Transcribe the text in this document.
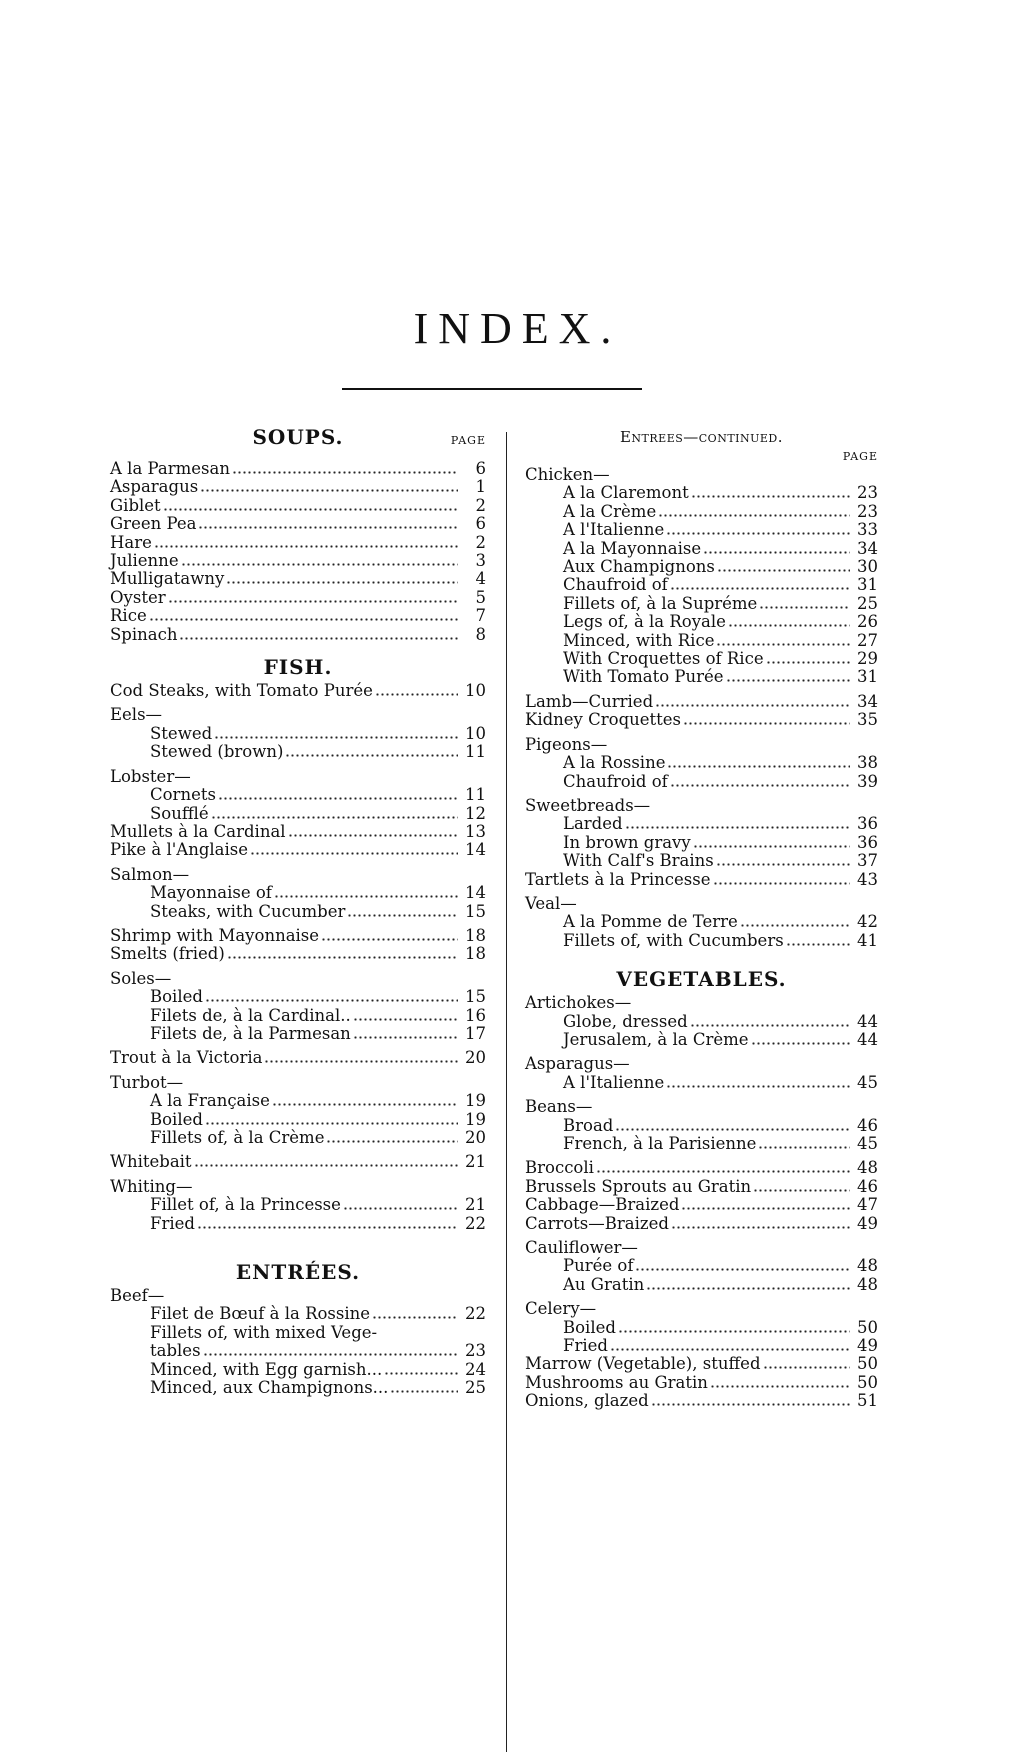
INDEX.
SOUPS.	PAGE
A la Parmesan	6
Asparagus	1
Giblet	2
Green Pea	6
Hare	2
Julienne	3
Mulligatawny	4
Oyster	5
Rice	7
Spinach	8
FISH.
Cod Steaks, with Tomato Purée	10
Eels—
Stewed	10
Stewed (brown)	11
Lobster—
Cornets	11
Soufflé	12
Mullets à la Cardinal	13
Pike à l'Anglaise	14
Salmon—
Mayonnaise of	14
Steaks, with Cucumber	15
Shrimp with Mayonnaise	18
Smelts (fried)	18
Soles—
Boiled	15
Filets de, à la Cardinal..	16
Filets de, à la Parmesan	17
Trout à la Victoria	20
Turbot—
A la Française	19
Boiled	19
Fillets of, à la Crème	20
Whitebait	21
Whiting—
Fillet of, à la Princesse	21
Fried	22
ENTRÉES.
Beef—
Filet de Bœuf à la Rossine	22
Fillets of, with mixed Vege-
tables	23
Minced, with Egg garnish...	24
Minced, aux Champignons...	25
Entrees—continued.
PAGE
Chicken—
A la Claremont	23
A la Crème	23
A l'Italienne	33
A la Mayonnaise	34
Aux Champignons	30
Chaufroid of	31
Fillets of, à la Supréme	25
Legs of, à la Royale	26
Minced, with Rice	27
With Croquettes of Rice	29
With Tomato Purée	31
Lamb—Curried	34
Kidney Croquettes	35
Pigeons—
A la Rossine	38
Chaufroid of	39
Sweetbreads—
Larded	36
In brown gravy	36
With Calf's Brains	37
Tartlets à la Princesse	43
Veal—
A la Pomme de Terre	42
Fillets of, with Cucumbers	41
VEGETABLES.
Artichokes—
Globe, dressed	44
Jerusalem, à la Crème	44
Asparagus—
A l'Italienne	45
Beans—
Broad	46
French, à la Parisienne	45
Broccoli	48
Brussels Sprouts au Gratin	46
Cabbage—Braized	47
Carrots—Braized	49
Cauliflower—
Purée of	48
Au Gratin	48
Celery—
Boiled	50
Fried	49
Marrow (Vegetable), stuffed	50
Mushrooms au Gratin	50
Onions, glazed	51
